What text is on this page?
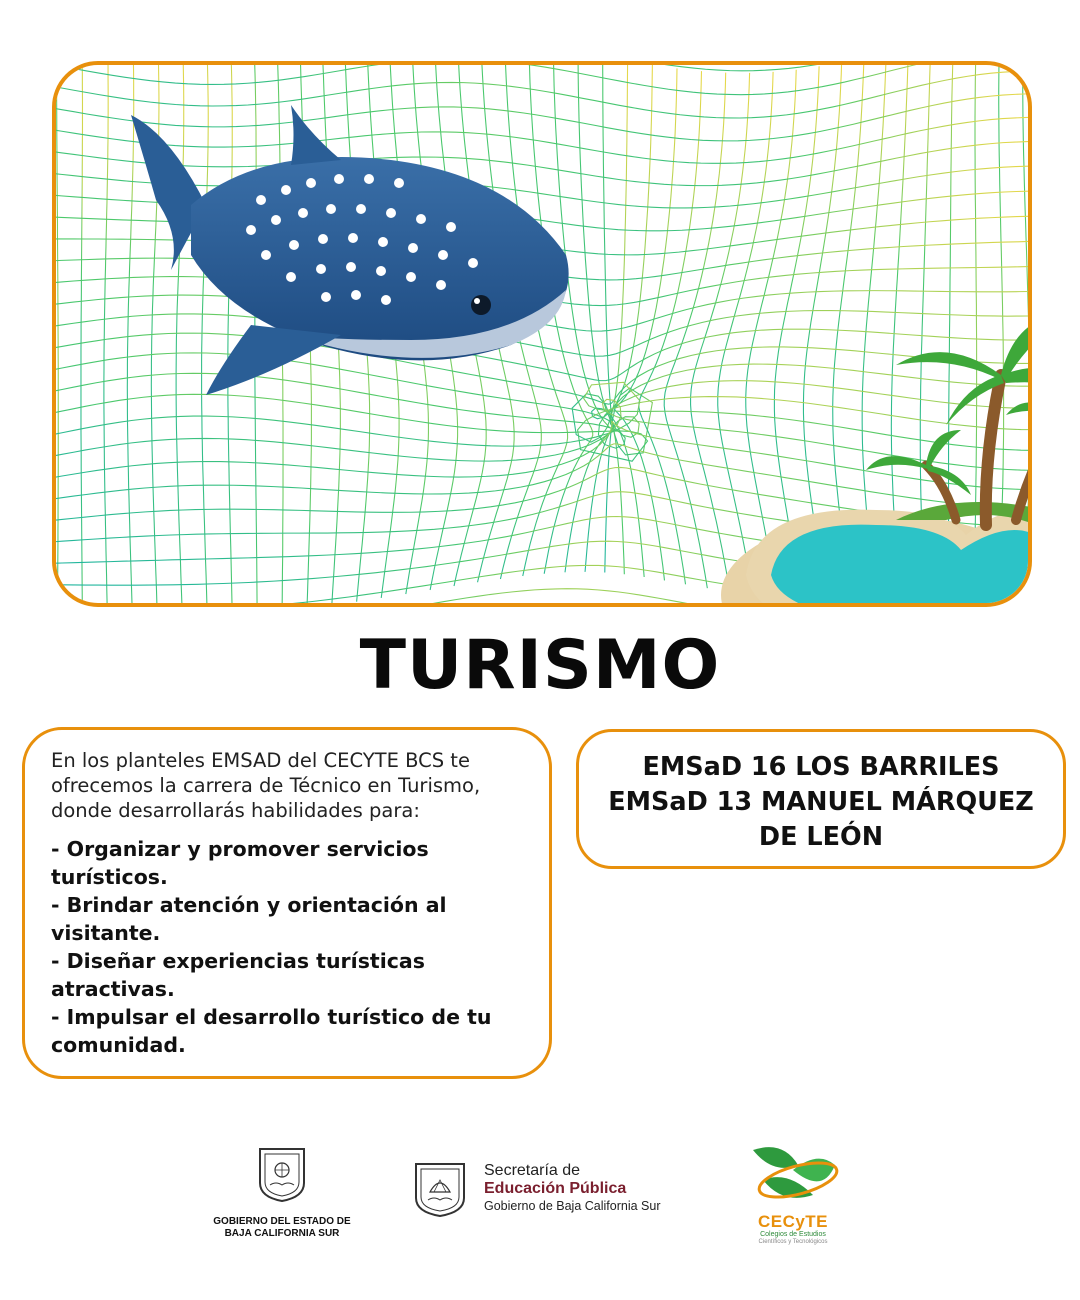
TURISMO

En los planteles EMSAD del CECYTE BCS te ofrecemos la carrera de Técnico en Turismo, donde desarrollarás habilidades para:

- Organizar y promover servicios turísticos.
- Brindar atención y orientación al visitante.
- Diseñar experiencias turísticas atractivas.
- Impulsar el desarrollo turístico de tu comunidad.
EMSaD 16 LOS BARRILES
EMSaD 13 MANUEL MÁRQUEZ
DE LEÓN
GOBIERNO DEL ESTADO DE
BAJA CALIFORNIA SUR
Secretaría de
Educación Pública
Gobierno de Baja California Sur
CECyTE
Colegios de Estudios
Científicos y Tecnológicos
